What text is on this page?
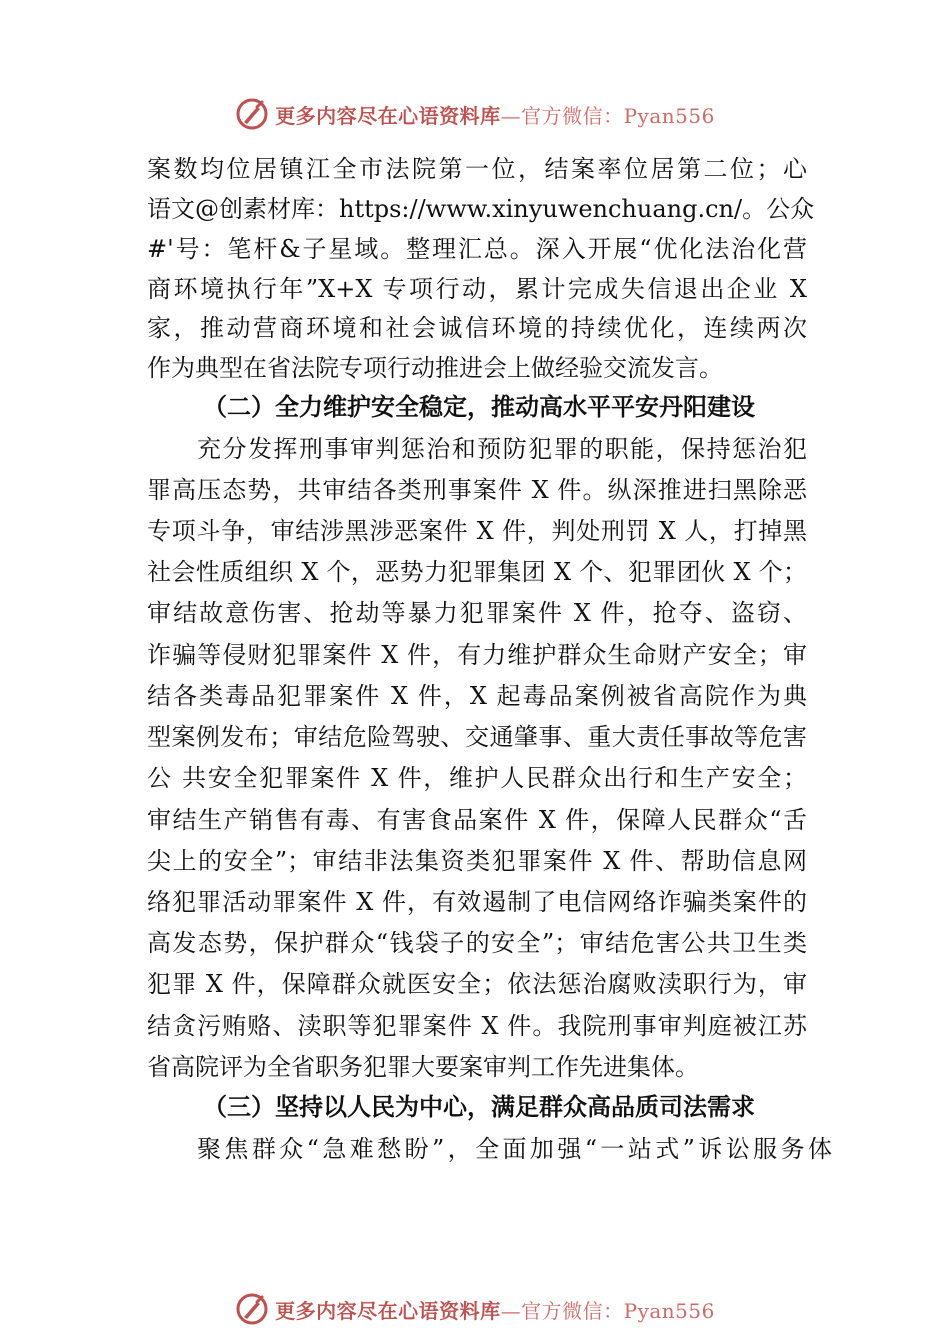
更多内容尽在心语资料库—官方微信：Pyan556
案数均位居镇江全市法院第一位，结案率位居第二位；心
语文@创素材库：https://www.xinyuwenchuang.cn/。公众
#'号：笔杆&子星域。整理汇总。深入开展“优化法治化营
商环境执行年”X+X 专项行动，累计完成失信退出企业 X
家，推动营商环境和社会诚信环境的持续优化，连续两次
作为典型在省法院专项行动推进会上做经验交流发言。
（二）全力维护安全稳定，推动高水平平安丹阳建设
充分发挥刑事审判惩治和预防犯罪的职能，保持惩治犯
罪高压态势，共审结各类刑事案件 X 件。纵深推进扫黑除恶
专项斗争，审结涉黑涉恶案件 X 件，判处刑罚 X 人，打掉黑
社会性质组织 X 个，恶势力犯罪集团 X 个、犯罪团伙 X 个；
审结故意伤害、抢劫等暴力犯罪案件 X 件，抢夺、盗窃、
诈骗等侵财犯罪案件 X 件，有力维护群众生命财产安全；审
结各类毒品犯罪案件 X 件，X 起毒品案例被省高院作为典
型案例发布；审结危险驾驶、交通肇事、重大责任事故等危害
公 共安全犯罪案件 X 件，维护人民群众出行和生产安全；
审结生产销售有毒、有害食品案件 X 件，保障人民群众“舌
尖上的安全”；审结非法集资类犯罪案件 X 件、帮助信息网
络犯罪活动罪案件 X 件，有效遏制了电信网络诈骗类案件的
高发态势，保护群众“钱袋子的安全”；审结危害公共卫生类
犯罪 X 件，保障群众就医安全；依法惩治腐败渎职行为，审
结贪污贿赂、渎职等犯罪案件 X 件。我院刑事审判庭被江苏
省高院评为全省职务犯罪大要案审判工作先进集体。
（三）坚持以人民为中心，满足群众高品质司法需求
聚焦群众“急难愁盼”，全面加强“一站式”诉讼服务体
更多内容尽在心语资料库—官方微信：Pyan556
